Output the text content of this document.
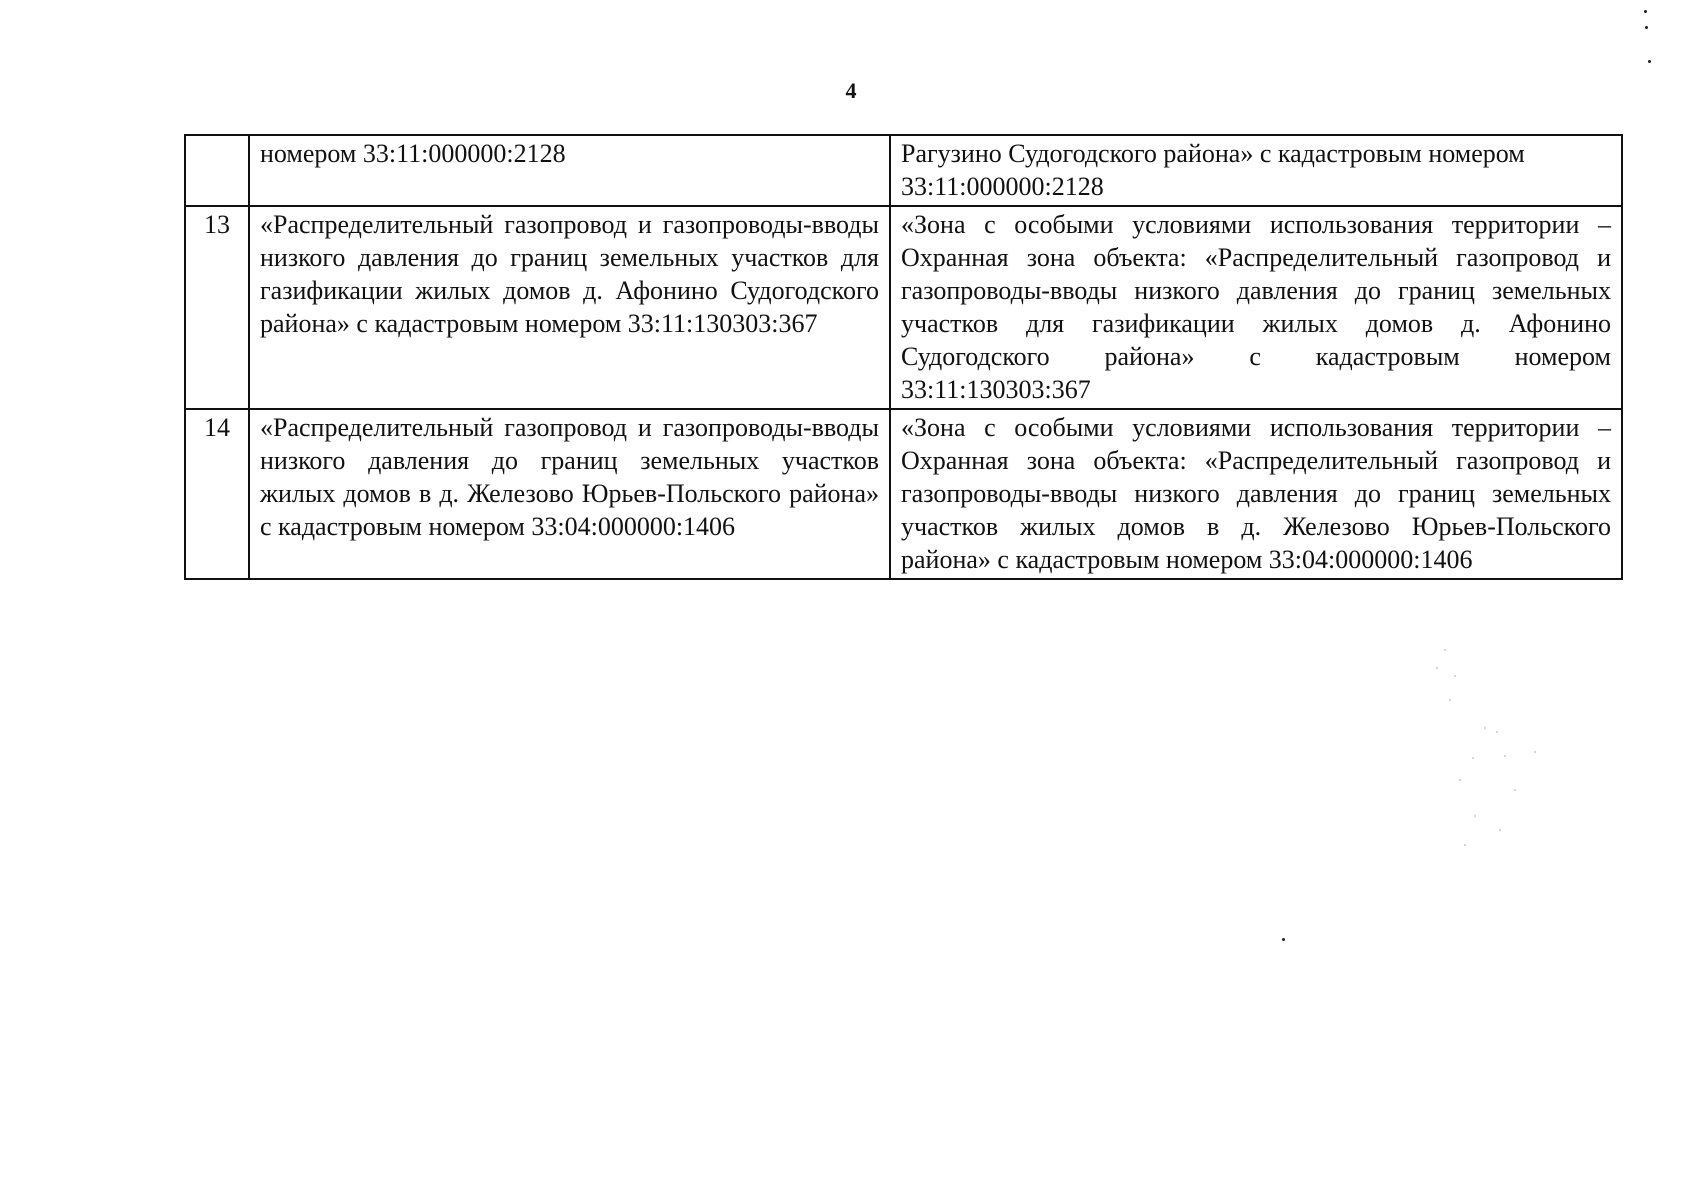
4
	номером 33:11:000000:2128	Рагузино Судогодского района» с кадастровым номером 33:11:000000:2128
13	«Распределительный газопровод и газопроводы-вводы низкого давления до границ земельных участков для газификации жилых домов д. Афонино Судогодского района» с кадастровым номером 33:11:130303:367	«Зона с особыми условиями использования территории – Охранная зона объекта: «Распределительный газопровод и газопроводы-вводы низкого давления до границ земельных участков для газификации жилых домов д. Афонино Судогодского района» с кадастровым номером 33:11:130303:367
14	«Распределительный газопровод и газопроводы-вводы низкого давления до границ земельных участков жилых домов в д. Железово Юрьев-Польского района» с кадастровым номером 33:04:000000:1406	«Зона с особыми условиями использования территории – Охранная зона объекта: «Распределительный газопровод и газопроводы-вводы низкого давления до границ земельных участков жилых домов в д. Железово Юрьев-Польского района» с кадастровым номером 33:04:000000:1406
